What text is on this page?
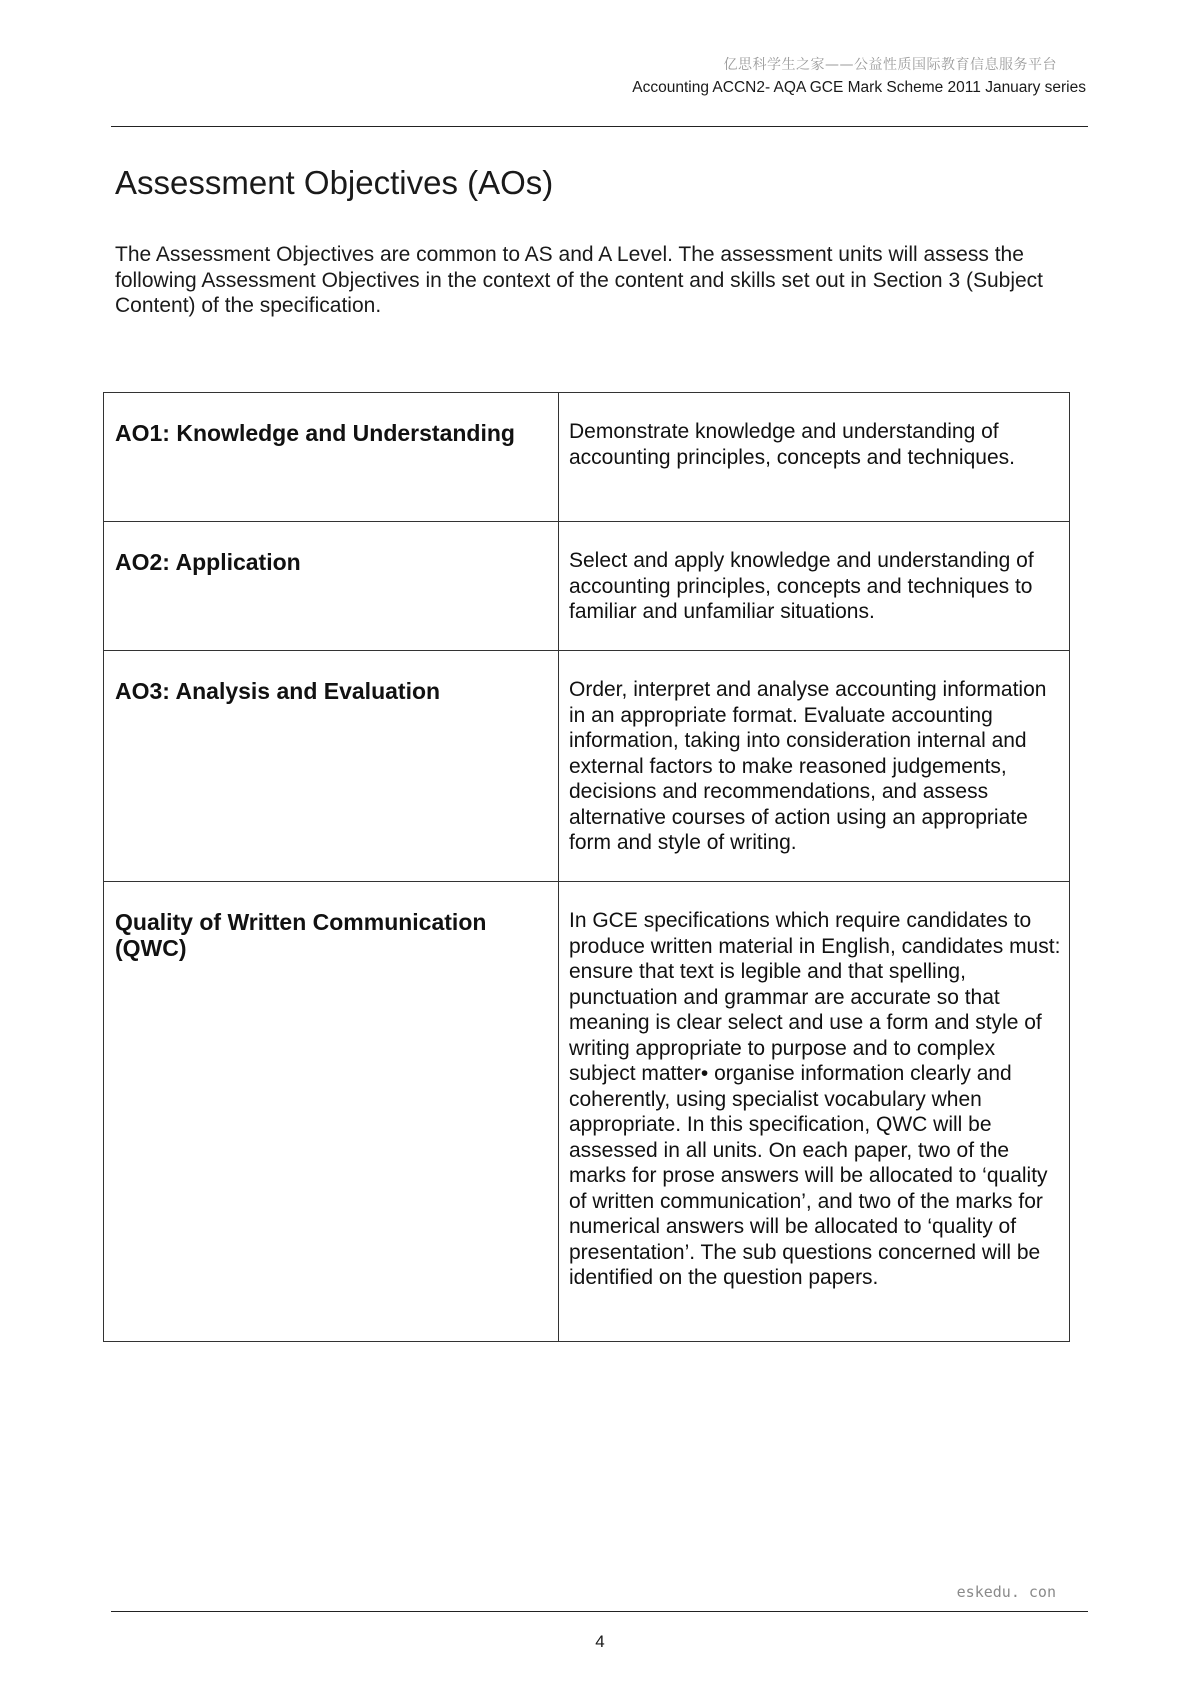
亿思科学生之家——公益性质国际教育信息服务平台
Accounting ACCN2- AQA GCE Mark Scheme 2011 January series
Assessment Objectives (AOs)

The Assessment Objectives are common to AS and A Level. The assessment units will assess the following Assessment Objectives in the context of the content and skills set out in Section 3 (Subject Content) of the specification.

AO1: Knowledge and Understanding	Demonstrate knowledge and understanding of accounting principles, concepts and techniques.

AO2: Application	Select and apply knowledge and understanding of accounting principles, concepts and techniques to familiar and unfamiliar situations.

AO3: Analysis and Evaluation	Order, interpret and analyse accounting information in an appropriate format. Evaluate accounting information, taking into consideration internal and external factors to make reasoned judgements, decisions and recommendations, and assess alternative courses of action using an appropriate form and style of writing.

Quality of Written Communication (QWC)	In GCE specifications which require candidates to produce written material in English, candidates must: ensure that text is legible and that spelling, punctuation and grammar are accurate so that meaning is clear select and use a form and style of writing appropriate to purpose and to complex subject matter• organise information clearly and coherently, using specialist vocabulary when appropriate. In this specification, QWC will be assessed in all units. On each paper, two of the marks for prose answers will be allocated to ‘quality of written communication’, and two of the marks for numerical answers will be allocated to ‘quality of presentation’. The sub questions concerned will be identified on the question papers.
eskedu. con
4
